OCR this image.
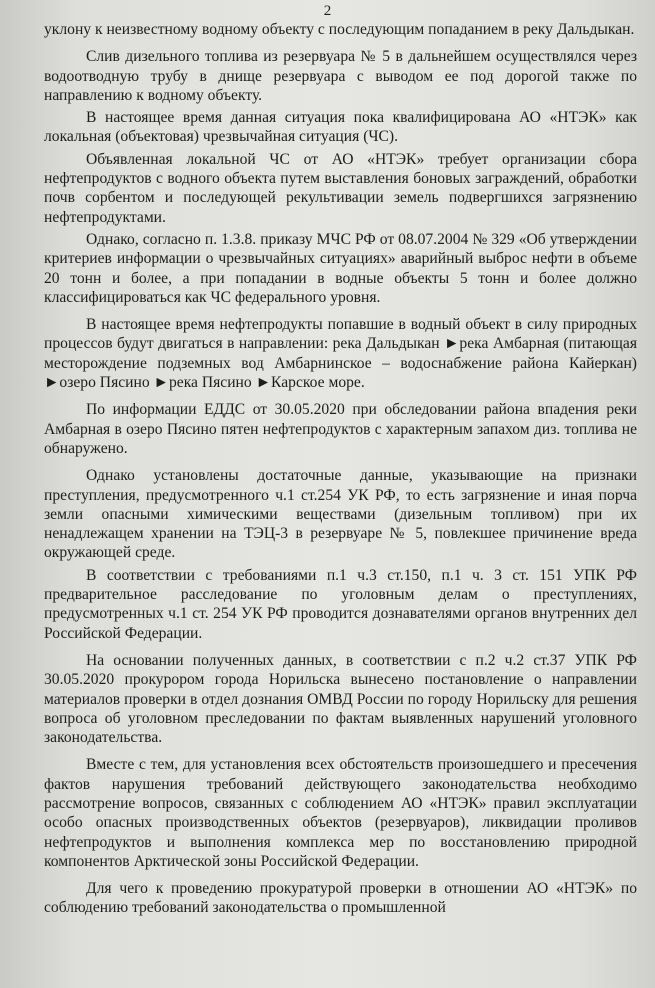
2

уклону к неизвестному водному объекту с последующим попаданием в реку Дальдыкан.

Слив дизельного топлива из резервуара № 5 в дальнейшем осуществлялся через водоотводную трубу в днище резервуара с выводом ее под дорогой также по направлению к водному объекту.

В настоящее время данная ситуация пока квалифицирована АО «НТЭК» как локальная (объектовая) чрезвычайная ситуация (ЧС).

Объявленная локальной ЧС от АО «НТЭК» требует организации сбора нефтепродуктов с водного объекта путем выставления боновых заграждений, обработки почв сорбентом и последующей рекультивации земель подвергшихся загрязнению нефтепродуктами.

Однако, согласно п. 1.3.8. приказу МЧС РФ от 08.07.2004 № 329 «Об утверждении критериев информации о чрезвычайных ситуациях» аварийный выброс нефти в объеме 20 тонн и более, а при попадании в водные объекты 5 тонн и более должно классифицироваться как ЧС федерального уровня.

В настоящее время нефтепродукты попавшие в водный объект в силу природных процессов будут двигаться в направлении: река Дальдыкан ►река Амбарная (питающая месторождение подземных вод Амбарнинское – водоснабжение района Кайеркан) ►озеро Пясино ►река Пясино ►Карское море.

По информации ЕДДС от 30.05.2020 при обследовании района впадения реки Амбарная в озеро Пясино пятен нефтепродуктов с характерным запахом диз. топлива не обнаружено.

Однако установлены достаточные данные, указывающие на признаки преступления, предусмотренного ч.1 ст.254 УК РФ, то есть загрязнение и иная порча земли опасными химическими веществами (дизельным топливом) при их ненадлежащем хранении на ТЭЦ-3 в резервуаре № 5, повлекшее причинение вреда окружающей среде.

В соответствии с требованиями п.1 ч.3 ст.150, п.1 ч. 3 ст. 151 УПК РФ предварительное расследование по уголовным делам о преступлениях, предусмотренных ч.1 ст. 254 УК РФ проводится дознавателями органов внутренних дел Российской Федерации.

На основании полученных данных, в соответствии с п.2 ч.2 ст.37 УПК РФ 30.05.2020 прокурором города Норильска вынесено постановление о направлении материалов проверки в отдел дознания ОМВД России по городу Норильску для решения вопроса об уголовном преследовании по фактам выявленных нарушений уголовного законодательства.

Вместе с тем, для установления всех обстоятельств произошедшего и пресечения фактов нарушения требований действующего законодательства необходимо рассмотрение вопросов, связанных с соблюдением АО «НТЭК» правил эксплуатации особо опасных производственных объектов (резервуаров), ликвидации проливов нефтепродуктов и выполнения комплекса мер по восстановлению природной компонентов Арктической зоны Российской Федерации.

Для чего к проведению прокуратурой проверки в отношении АО «НТЭК» по соблюдению требований законодательства о промышленной
